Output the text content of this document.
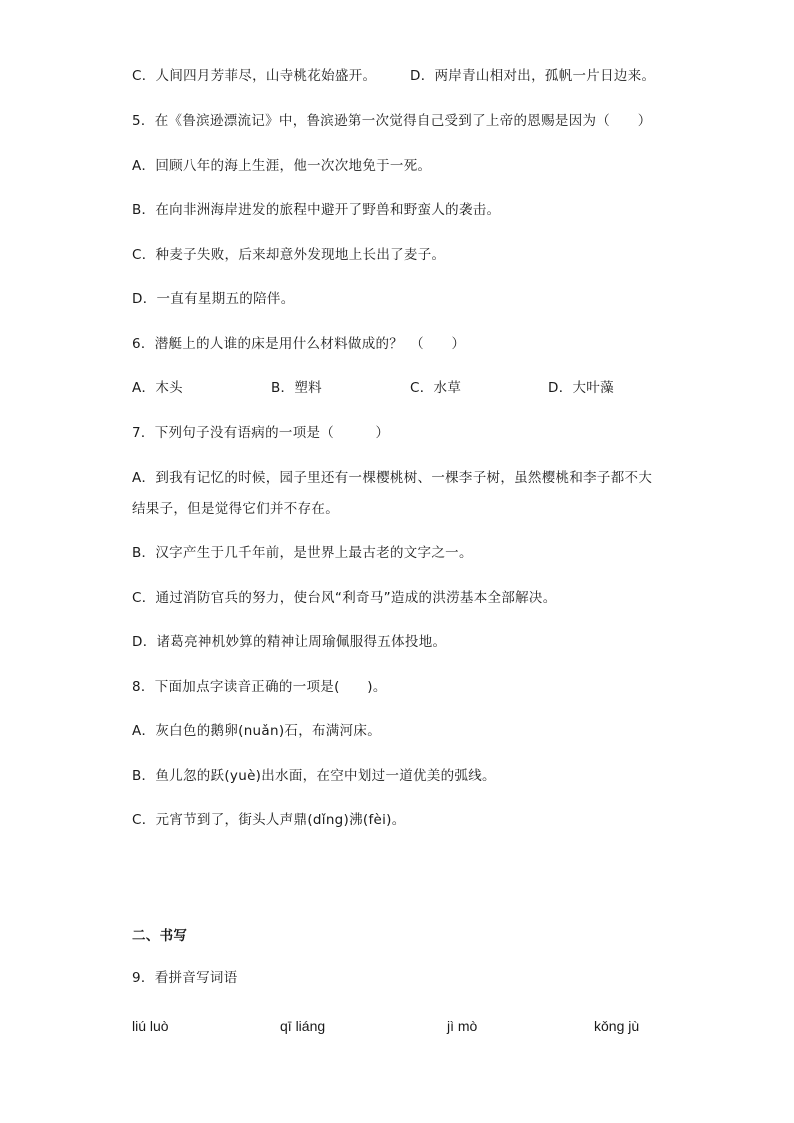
C．人间四月芳菲尽，山寺桃花始盛开。 D．两岸青山相对出，孤帆一片日边来。
5．在《鲁滨逊漂流记》中，鲁滨逊第一次觉得自己受到了上帝的恩赐是因为（　　）
A．回顾八年的海上生涯，他一次次地免于一死。
B．在向非洲海岸进发的旅程中避开了野兽和野蛮人的袭击。
C．种麦子失败，后来却意外发现地上长出了麦子。
D．一直有星期五的陪伴。
6．潜艇上的人谁的床是用什么材料做成的？　（　　）
A．木头	B．塑料	C．水草	D．大叶藻
7．下列句子没有语病的一项是（　　　）
A．到我有记忆的时候，园子里还有一棵樱桃树、一棵李子树，虽然樱桃和李子都不大
结果子，但是觉得它们并不存在。
B．汉字产生于几千年前，是世界上最古老的文字之一。
C．通过消防官兵的努力，使台风“利奇马”造成的洪涝基本全部解决。
D．诸葛亮神机妙算的精神让周瑜佩服得五体投地。
8．下面加点字读音正确的一项是(　　)。
A．灰白色的鹅卵(nuǎn)石，布满河床。
B．鱼儿忽的跃(yuè)出水面，在空中划过一道优美的弧线。
C．元宵节到了，街头人声鼎(dǐng)沸(fèi)。
二、书写
9．看拼音写词语
liú luò	qī liáng	jì mò	kǒng jù
